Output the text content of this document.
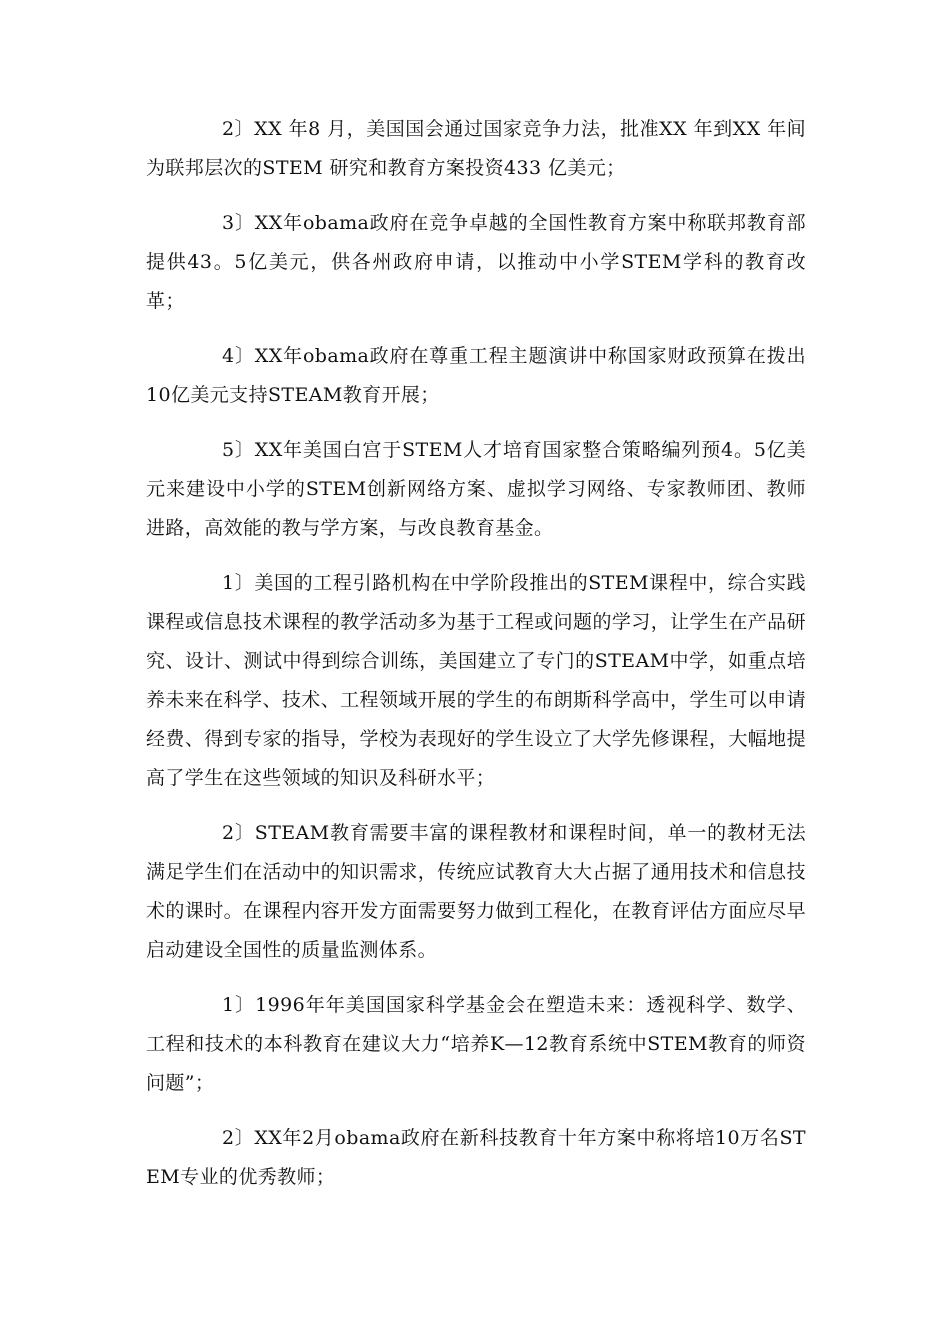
2〕XX 年8 月，美国国会通过国家竞争力法，批准XX 年到XX 年间为联邦层次的STEM 研究和教育方案投资433 亿美元；

3〕XX年obama政府在竞争卓越的全国性教育方案中称联邦教育部提供43。5亿美元，供各州政府申请，以推动中小学STEM学科的教育改革；

4〕XX年obama政府在尊重工程主题演讲中称国家财政预算在拨出10亿美元支持STEAM教育开展；

5〕XX年美国白宫于STEM人才培育国家整合策略编列预4。5亿美元来建设中小学的STEM创新网络方案、虚拟学习网络、专家教师团、教师进路，高效能的教与学方案，与改良教育基金。

1〕美国的工程引路机构在中学阶段推出的STEM课程中，综合实践课程或信息技术课程的教学活动多为基于工程或问题的学习，让学生在产品研究、设计、测试中得到综合训练，美国建立了专门的STEAM中学，如重点培养未来在科学、技术、工程领域开展的学生的布朗斯科学高中，学生可以申请经费、得到专家的指导，学校为表现好的学生设立了大学先修课程，大幅地提高了学生在这些领域的知识及科研水平；

2〕STEAM教育需要丰富的课程教材和课程时间，单一的教材无法满足学生们在活动中的知识需求，传统应试教育大大占据了通用技术和信息技术的课时。在课程内容开发方面需要努力做到工程化，在教育评估方面应尽早启动建设全国性的质量监测体系。

1〕1996年年美国国家科学基金会在塑造未来：透视科学、数学、工程和技术的本科教育在建议大力“培养K—12教育系统中STEM教育的师资问题”；

2〕XX年2月obama政府在新科技教育十年方案中称将培10万名STEM专业的优秀教师；
